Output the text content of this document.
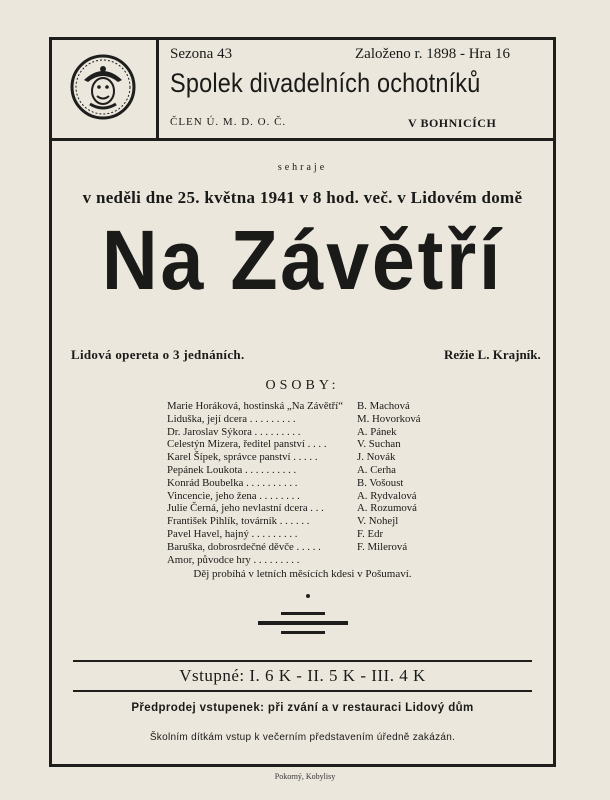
Sezona 43	Založeno r. 1898 - Hra 16
Spolek divadelních ochotníků
ČLEN Ú. M. D. O. Č.	V BOHNICÍCH
sehraje
v neděli dne 25. května 1941 v 8 hod. več. v Lidovém domě
Na Závětří
Lidová opereta o 3 jednáních.	Režie L. Krajník.
OSOBY:
Marie Horáková, hostinská „Na Závětří“ B. Machová
Liduška, její dcera . . . . . . . . .	M. Hovorková
Dr. Jaroslav Sýkora . . . . . . . . .	A. Pánek
Celestýn Mizera, ředitel panství . . . .	V. Suchan
Karel Šípek, správce panství . . . . .	J. Novák
Pepánek Loukota . . . . . . . . . .	A. Cerha
Konrád Boubelka . . . . . . . . . .	B. Vošoust
Vincencie, jeho žena . . . . . . . .	A. Rydvalová
Julie Černá, jeho nevlastní dcera . . .	A. Rozumová
František Pihlík, továrník . . . . . .	V. Nohejl
Pavel Havel, hajný . . . . . . . . .	F. Edr
Baruška, dobrosrdečné děvče . . . . .	F. Milerová
Amor, původce hry . . . . . . . . .
Děj probíhá v letních měsících kdesi v Pošumaví.
Vstupné: I. 6 K - II. 5 K - III. 4 K
Předprodej vstupenek: při zvání a v restauraci Lidový dům
Školním dítkám vstup k večerním představením úředně zakázán.
Pokorný, Kobylisy
